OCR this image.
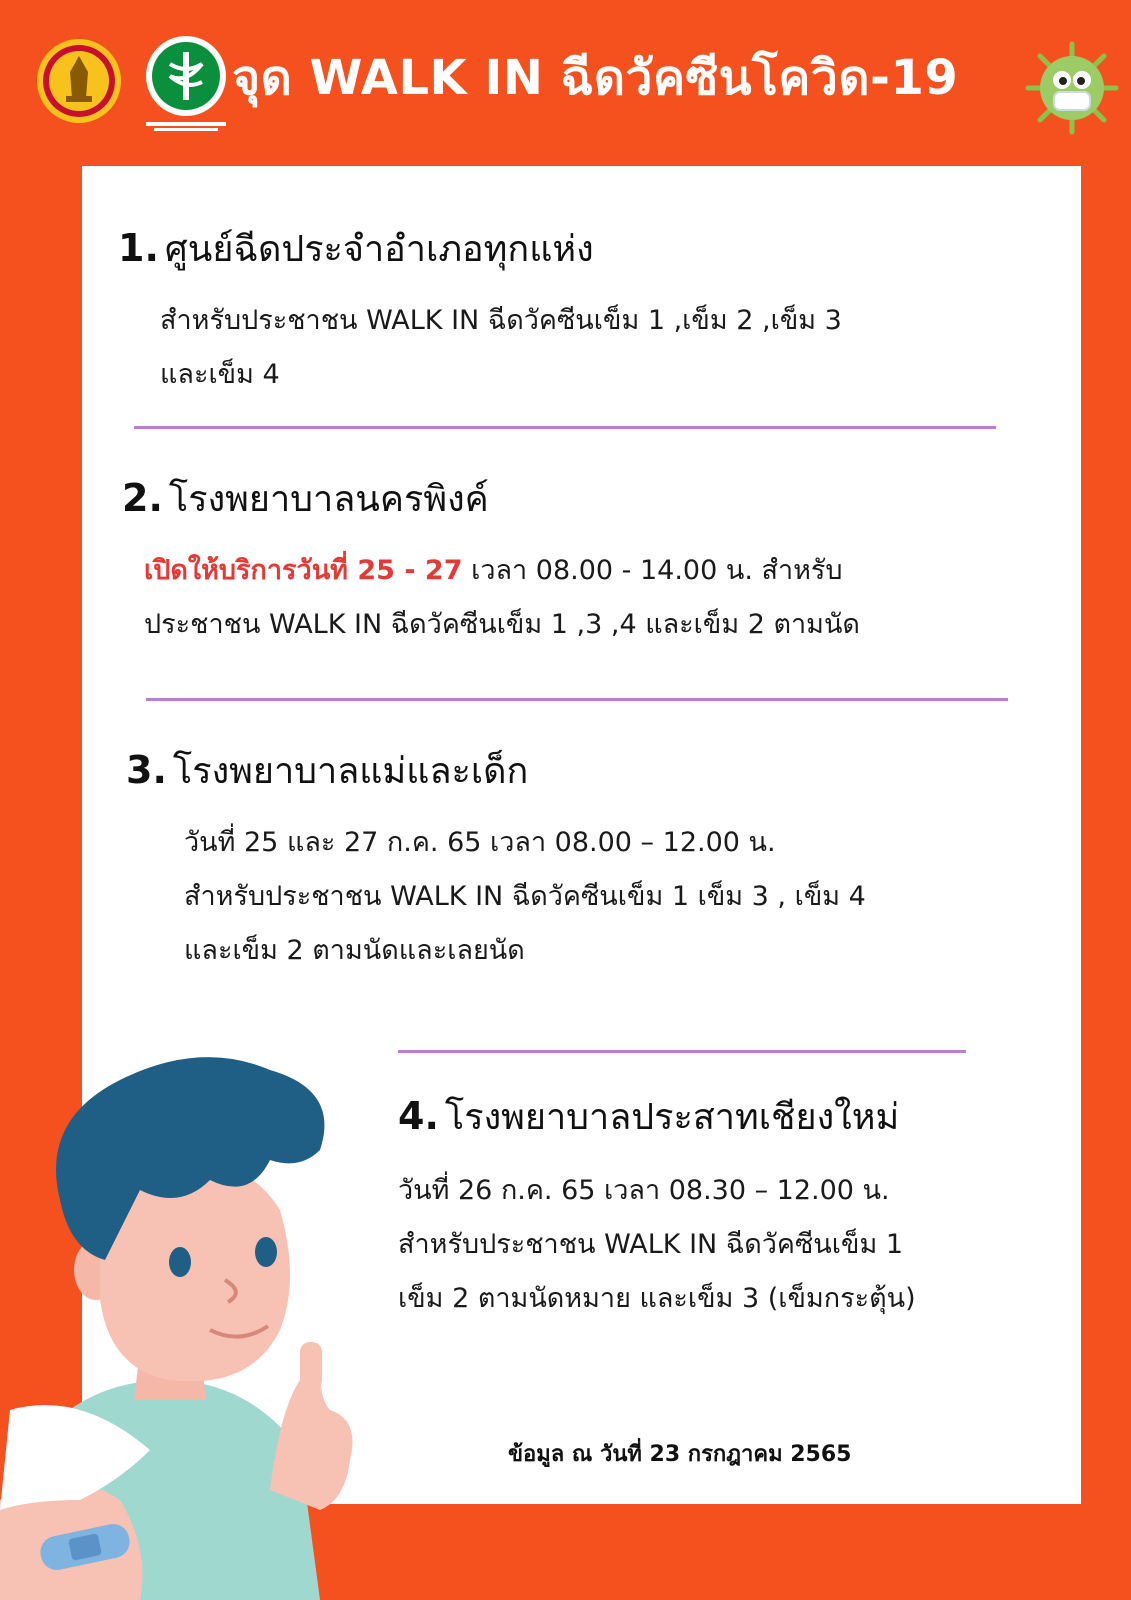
จุด WALK IN ฉีดวัคซีนโควิด-19
1. ศูนย์ฉีดประจำอำเภอทุกแห่ง
สำหรับประชาชน WALK IN ฉีดวัคซีนเข็ม 1 ,เข็ม 2 ,เข็ม 3
และเข็ม 4
2. โรงพยาบาลนครพิงค์
เปิดให้บริการวันที่ 25 - 27 เวลา 08.00 - 14.00 น. สำหรับ
ประชาชน WALK IN ฉีดวัคซีนเข็ม 1 ,3 ,4 และเข็ม 2 ตามนัด
3. โรงพยาบาลแม่และเด็ก
วันที่ 25 และ 27 ก.ค. 65 เวลา 08.00 – 12.00 น.
สำหรับประชาชน WALK IN ฉีดวัคซีนเข็ม 1 เข็ม 3 , เข็ม 4
และเข็ม 2 ตามนัดและเลยนัด
4. โรงพยาบาลประสาทเชียงใหม่
วันที่ 26 ก.ค. 65 เวลา 08.30 – 12.00 น.
สำหรับประชาชน WALK IN ฉีดวัคซีนเข็ม 1
เข็ม 2 ตามนัดหมาย และเข็ม 3 (เข็มกระตุ้น)
ข้อมูล ณ วันที่ 23 กรกฎาคม 2565
